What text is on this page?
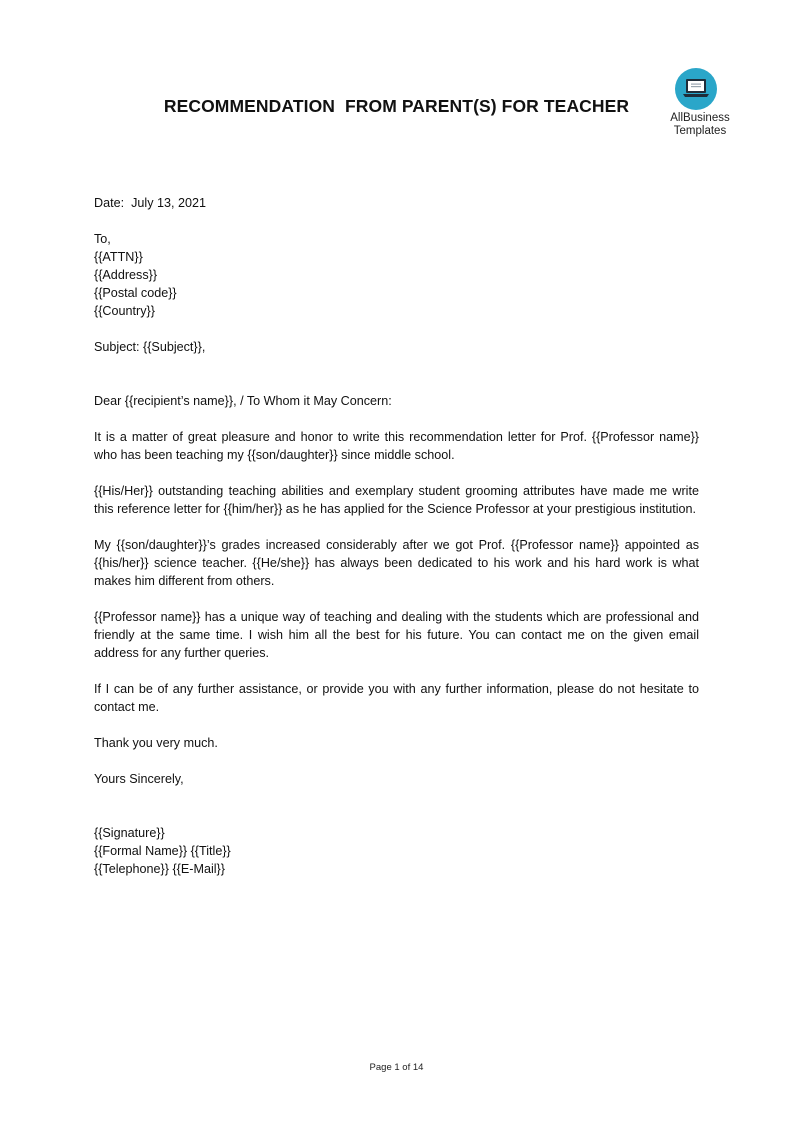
RECOMMENDATION  FROM PARENT(S) FOR TEACHER
AllBusiness
Templates
Date:  July 13, 2021
To,
{{ATTN}}
{{Address}}
{{Postal code}}
{{Country}}
Subject: {{Subject}},
Dear {{recipient’s name}}, / To Whom it May Concern:
It is a matter of great pleasure and honor to write this recommendation letter for Prof. {{Professor name}} who has been teaching my {{son/daughter}} since middle school.
{{His/Her}} outstanding teaching abilities and exemplary student grooming attributes have made me write this reference letter for {{him/her}} as he has applied for the Science Professor at your prestigious institution.
My {{son/daughter}}’s grades increased considerably after we got Prof. {{Professor name}} appointed as {{his/her}} science teacher. {{He/she}} has always been dedicated to his work and his hard work is what makes him different from others.
{{Professor name}} has a unique way of teaching and dealing with the students which are professional and friendly at the same time. I wish him all the best for his future. You can contact me on the given email address for any further queries.
If I can be of any further assistance, or provide you with any further information, please do not hesitate to contact me.
Thank you very much.
Yours Sincerely,
{{Signature}}
{{Formal Name}} {{Title}}
{{Telephone}} {{E-Mail}}
Page 1 of 14
